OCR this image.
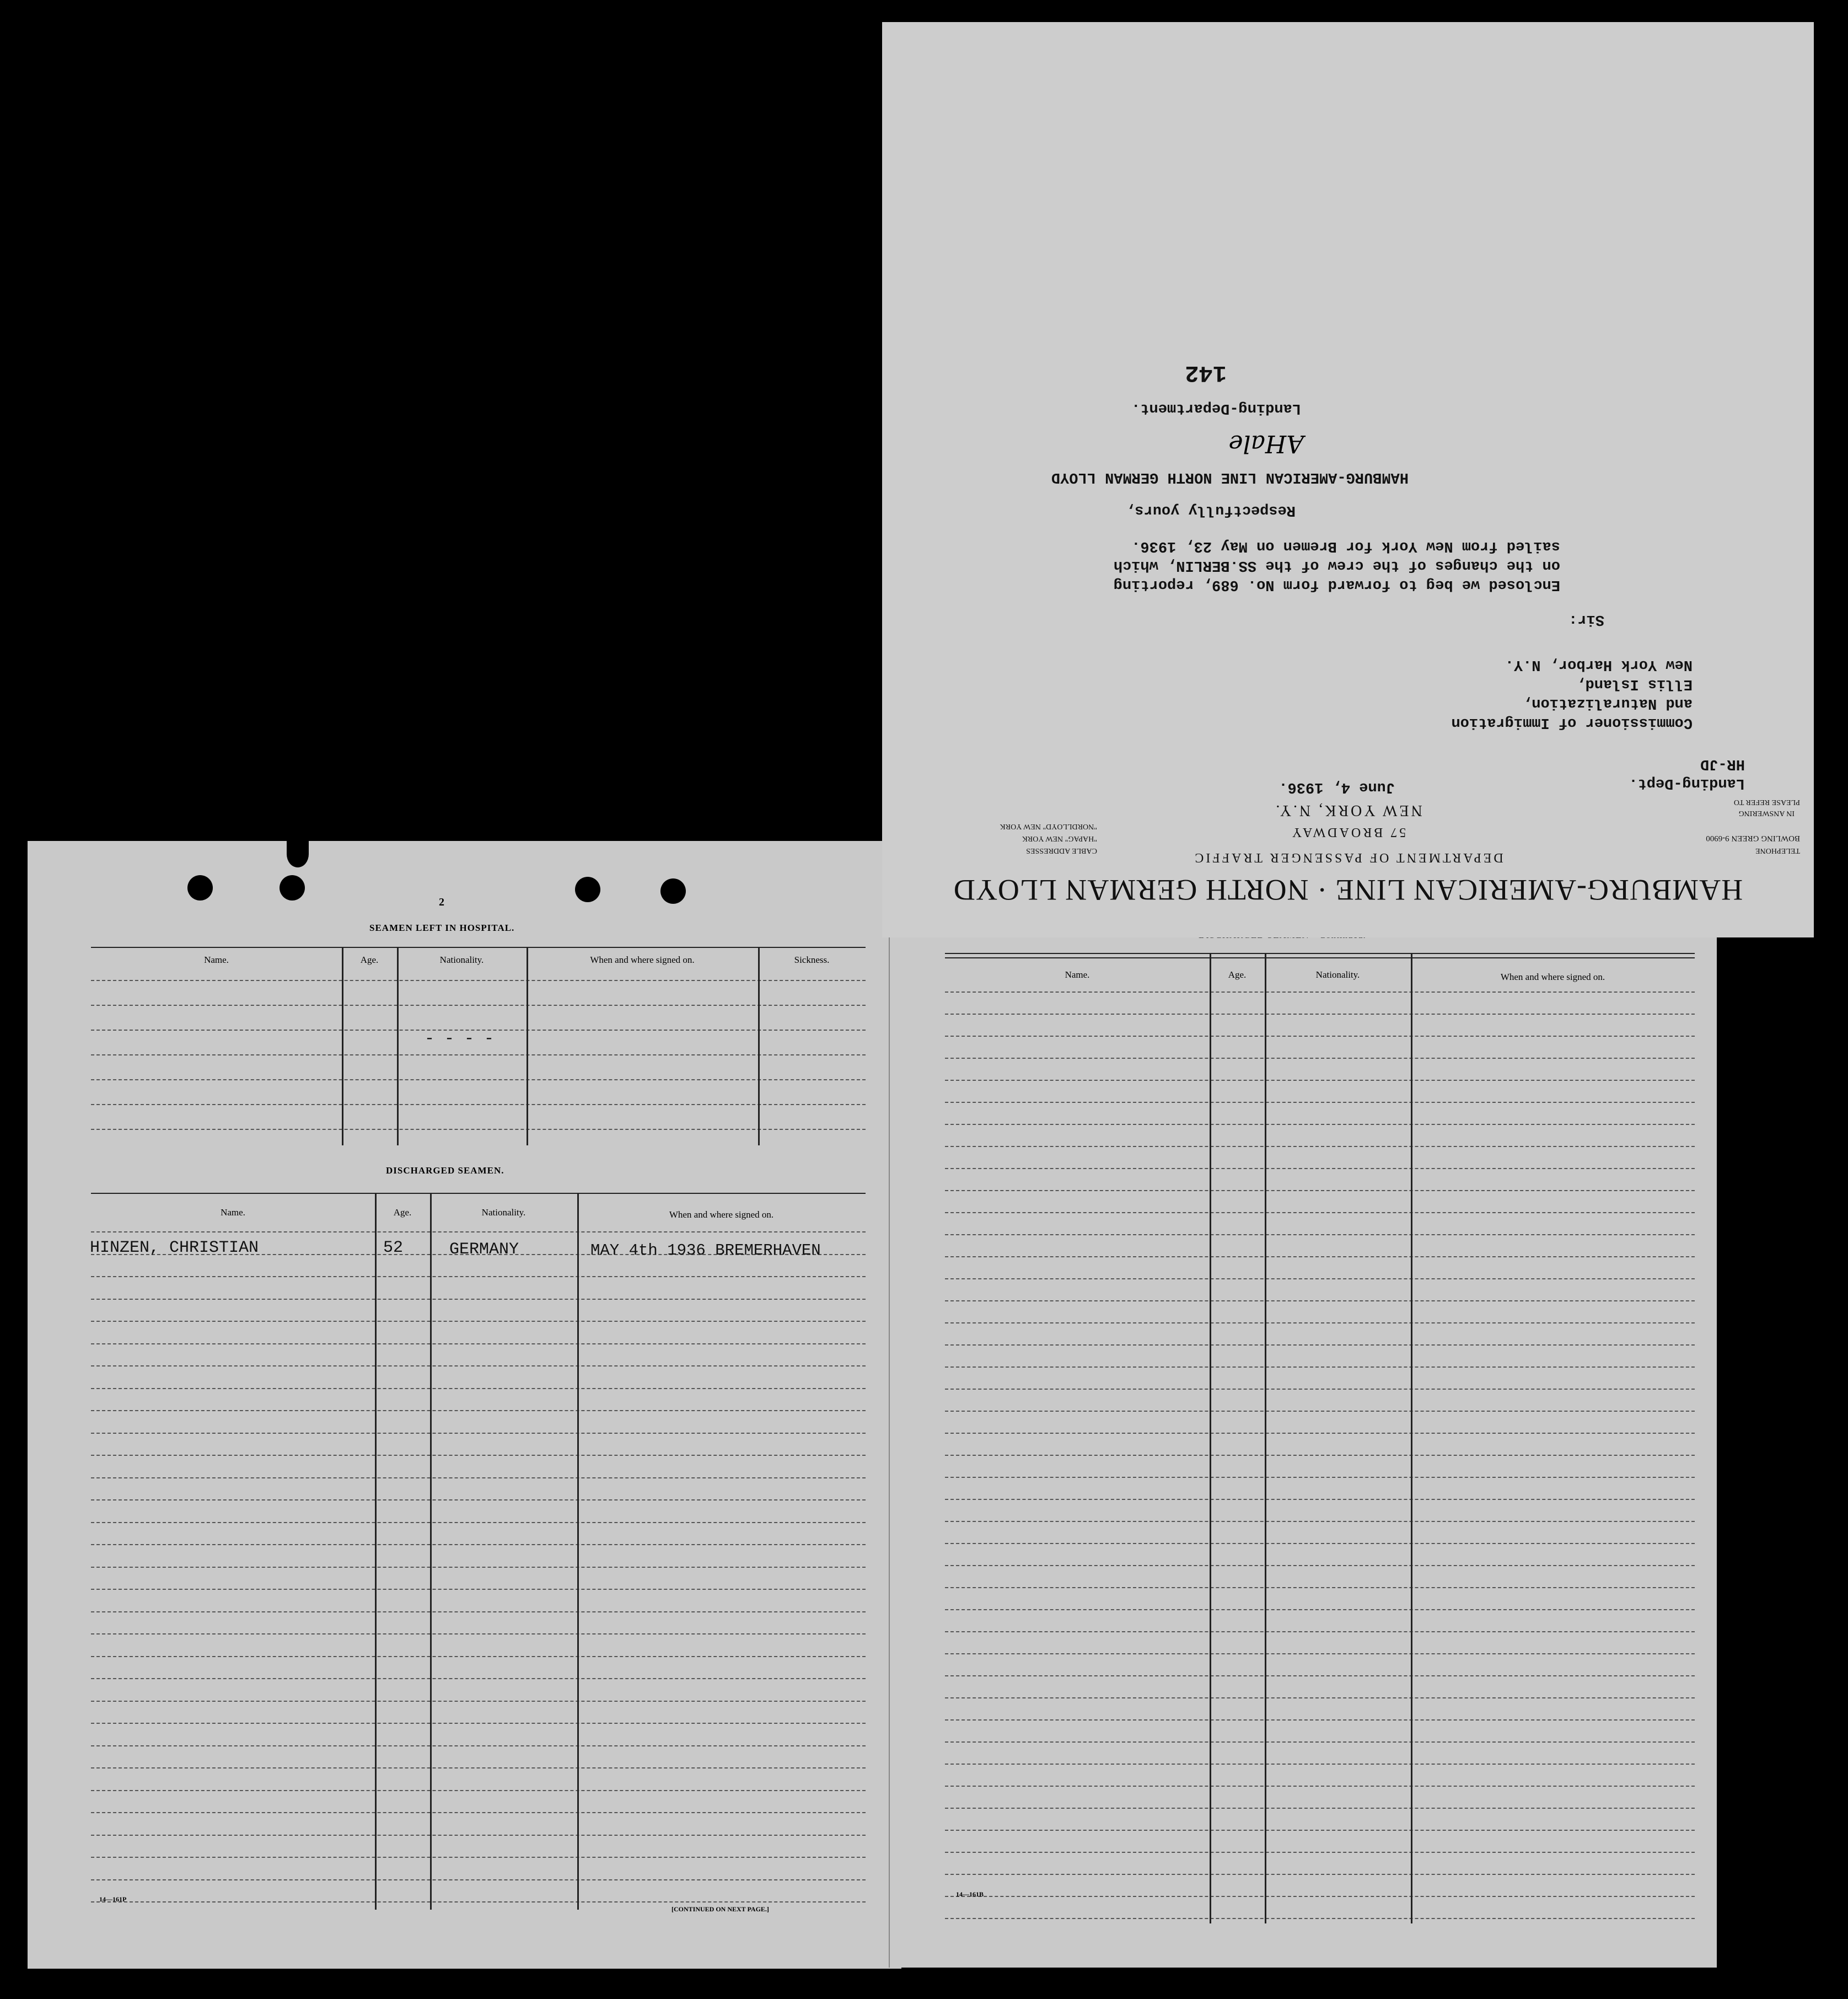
2
SEAMEN LEFT IN HOSPITAL.
Name.	Age.	Nationality.	When and where signed on.	Sickness.
- - - -
DISCHARGED SEAMEN.
Name.	Age.	Nationality.	When and where signed on.
HINZEN, CHRISTIAN	52	GERMANY	MAY 4th 1936 BREMERHAVEN
14—161P
[CONTINUED ON NEXT PAGE.]
Name.	Age.	Nationality.	When and where signed on.
14—161B
HAMBURG-AMERICAN LINE · NORTH GERMAN LLOYD
DEPARTMENT OF PASSENGER TRAFFIC
57 BROADWAY
NEW YORK, N.Y.
TELEPHONE
BOWLING GREEN 9-6900
IN ANSWERING
PLEASE REFER TO
CABLE ADDRESSES
"HAPAG" NEW YORK
"NORDLLOYD" NEW YORK
Landing-Dept.
HR-JD
June 4, 1936.
Commissioner of Immigration
and Naturalization,
Ellis Island,
New York Harbor, N.Y.
Sir:
Enclosed we beg to forward form No. 689, reporting
on the changes of the crew of the SS.BERLIN, which
sailed from New York for Bremen on May 23, 1936.
Respectfully yours,
HAMBURG-AMERICAN LINE NORTH GERMAN LLOYD
AHale
Landing-Department.
142
